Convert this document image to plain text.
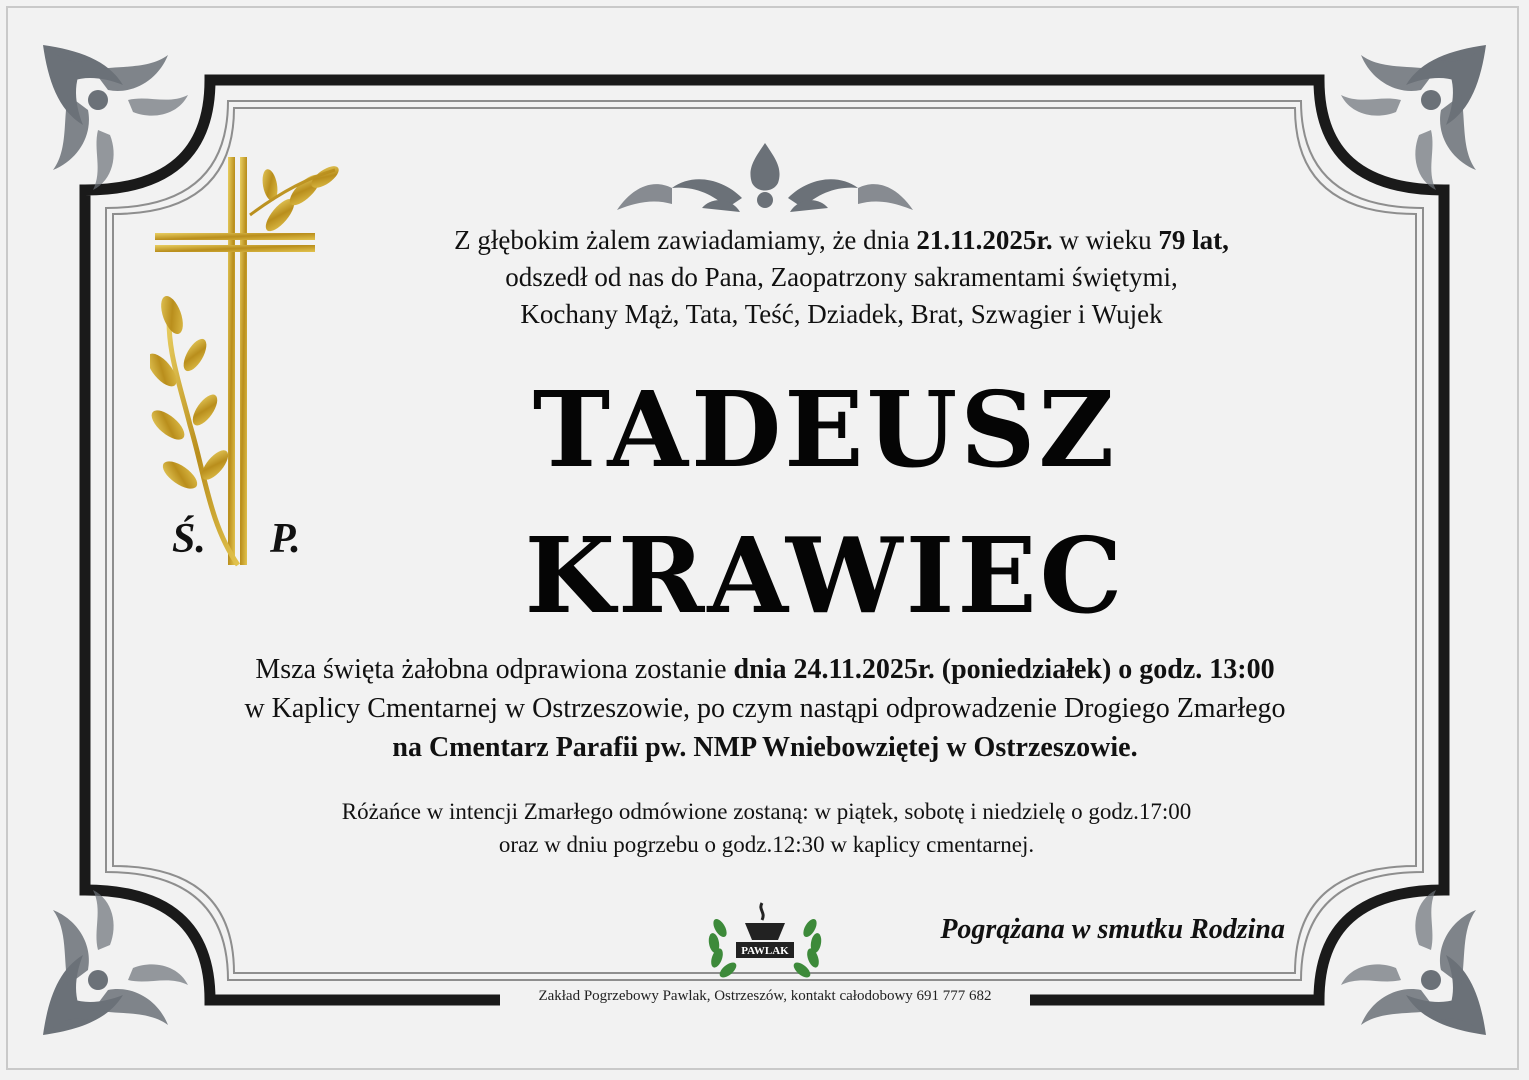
Ś. P.
Z głębokim żalem zawiadamiamy, że dnia 21.11.2025r. w wieku 79 lat,
odszedł od nas do Pana, Zaopatrzony sakramentami świętymi,
Kochany Mąż, Tata, Teść, Dziadek, Brat, Szwagier i Wujek
TADEUSZ
KRAWIEC
Msza święta żałobna odprawiona zostanie dnia 24.11.2025r. (poniedziałek) o godz. 13:00
w Kaplicy Cmentarnej w Ostrzeszowie, po czym nastąpi odprowadzenie Drogiego Zmarłego
na Cmentarz Parafii pw. NMP Wniebowziętej w Ostrzeszowie.
Różańce w intencji Zmarłego odmówione zostaną: w piątek, sobotę i niedzielę o godz.17:00
oraz w dniu pogrzebu o godz.12:30 w kaplicy cmentarnej.
PAWLAK
Pogrążana w smutku Rodzina
Zakład Pogrzebowy Pawlak, Ostrzeszów, kontakt całodobowy 691 777 682
